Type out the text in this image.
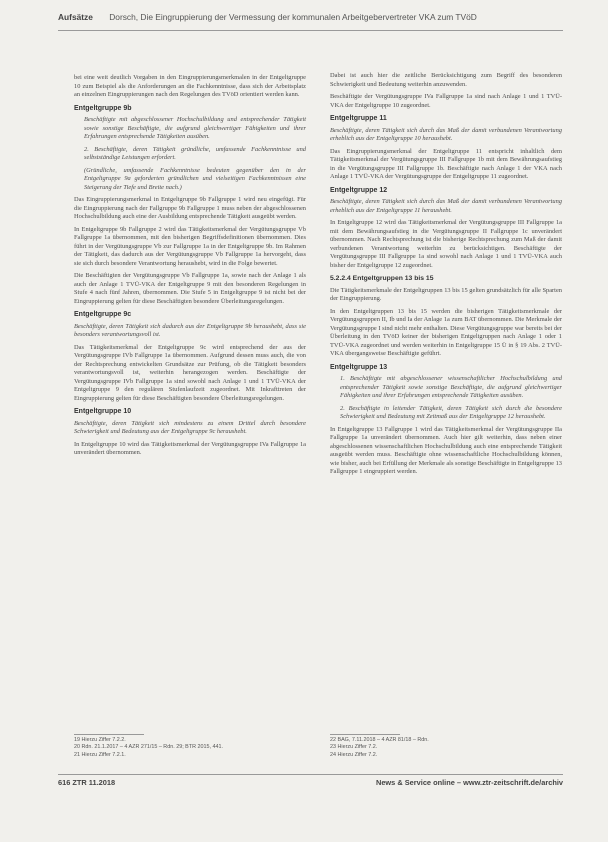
Aufsätze Dorsch, Die Eingruppierung der Vermessung der kommunalen Arbeitgebervertreter VKA zum TVöD

bei eine weit deutlich Vorgaben in den Eingruppierungsmerkmalen in der Entgeltgruppe 10 zum Beispiel als die Anforderungen an die Fachkenntnisse, dass sich der Arbeitsplatz an einzelnen Eingruppierungen nach den Regelungen des TVöD orientiert werden kann.

Entgeltgruppe 9b

Beschäftigte mit abgeschlossener Hochschulbildung und entsprechender Tätigkeit sowie sonstige Beschäftigte, die aufgrund gleichwertiger Fähigkeiten und ihrer Erfahrungen entsprechende Tätigkeiten ausüben.

2. Beschäftigte, deren Tätigkeit gründliche, umfassende Fachkenntnisse und selbstständige Leistungen erfordert.

(Gründliche, umfassende Fachkenntnisse bedeuten gegenüber den in der Entgeltgruppe 9a geforderten gründlichen und vielseitigen Fachkenntnissen eine Steigerung der Tiefe und Breite nach.)

Das Eingruppierungsmerkmal in Entgeltgruppe 9b Fallgruppe 1 wird neu eingefügt. Für die Eingruppierung nach der Fallgruppe 9b Fallgruppe 1 muss neben der abgeschlossenen Hochschulbildung auch eine der Ausbildung entsprechende Tätigkeit ausgeübt werden.

In Entgeltgruppe 9b Fallgruppe 2 wird das Tätigkeitsmerkmal der Vergütungsgruppe Vb Fallgruppe 1a übernommen, mit den bisherigen Begriffsdefinitionen übernommen. Dies führt in der Vergütungsgruppe Vb zur Fallgruppe 1a in der Entgeltgruppe 9b. Im Rahmen der Tätigkeit, das dadurch aus der Vergütungsgruppe Vb Fallgruppe 1a hervorgeht, dass sie sich durch besondere Verantwortung heraushebt, wird in die Folge bewertet.

Die Beschäftigten der Vergütungsgruppe Vb Fallgruppe 1a, sowie nach der Anlage 1 als auch der Anlage 1 TVÜ-VKA der Entgeltgruppe 9 mit den besonderen Regelungen in Stufe 4 nach fünf Jahren, übernommen. Die Stufe 5 in Entgeltgruppe 9 ist nicht bei der Eingruppierung gelten für diese Beschäftigten besondere Überleitungsregelungen.

Entgeltgruppe 9c

Beschäftigte, deren Tätigkeit sich dadurch aus der Entgeltgruppe 9b heraushebt, dass sie besonders verantwortungsvoll ist.

Das Tätigkeitsmerkmal der Entgeltgruppe 9c wird entsprechend der aus der Vergütungsgruppe IVb Fallgruppe 1a übernommen. Aufgrund dessen muss auch, die von der Rechtsprechung entwickelten Grundsätze zur Prüfung, ob die Tätigkeit besonders verantwortungsvoll ist, weiterhin herangezogen werden. Beschäftigte der Vergütungsgruppe IVb Fallgruppe 1a sind sowohl nach Anlage 1 und 1 TVÜ-VKA der Entgeltgruppe 9 den regulären Stufenlaufzeit zugeordnet. Mit Inkrafttreten der Eingruppierung gelten für diese Beschäftigten besondere Überleitungsregelungen.

Entgeltgruppe 10

Beschäftigte, deren Tätigkeit sich mindestens zu einem Drittel durch besondere Schwierigkeit und Bedeutung aus der Entgeltgruppe 9c heraushebt.

In Entgeltgruppe 10 wird das Tätigkeitsmerkmal der Vergütungsgruppe IVa Fallgruppe 1a unverändert übernommen.

Dabei ist auch hier die zeitliche Berücksichtigung zum Begriff des besonderen Schwierigkeit und Bedeutung weiterhin anzuwenden.

Beschäftigte der Vergütungsgruppe IVa Fallgruppe 1a sind nach Anlage 1 und 1 TVÜ-VKA der Entgeltgruppe 10 zugeordnet.

Entgeltgruppe 11

Beschäftigte, deren Tätigkeit sich durch das Maß der damit verbundenen Verantwortung erheblich aus der Entgeltgruppe 10 heraushebt.

Das Eingruppierungsmerkmal der Entgeltgruppe 11 entspricht inhaltlich dem Tätigkeitsmerkmal der Vergütungsgruppe III Fallgruppe 1b mit dem Bewährungsaufstieg in die Vergütungsgruppe III Fallgruppe 1b. Beschäftigte nach Anlage 1 der VKA nach Anlage 1 TVÜ-VKA der Vergütungsgruppe der Entgeltgruppe 11 zugeordnet.

Entgeltgruppe 12

Beschäftigte, deren Tätigkeit sich durch das Maß der damit verbundenen Verantwortung erheblich aus der Entgeltgruppe 11 heraushebt.

In Entgeltgruppe 12 wird das Tätigkeitsmerkmal der Vergütungsgruppe III Fallgruppe 1a mit dem Bewährungsaufstieg in die Vergütungsgruppe II Fallgruppe 1c unverändert übernommen. Nach Rechtsprechung ist die bisherige Rechtsprechung zum Maß der damit verbundenen Verantwortung weiterhin zu berücksichtigen. Beschäftigte der Vergütungsgruppe III Fallgruppe 1a sind sowohl nach Anlage 1 und 1 TVÜ-VKA auch bisher der Entgeltgruppe 12 zugeordnet.

5.2.2.4 Entgeltgruppen 13 bis 15

Die Tätigkeitsmerkmale der Entgeltgruppen 13 bis 15 gelten grundsätzlich für alle Sparten der Eingruppierung.

In den Entgeltgruppen 13 bis 15 werden die bisherigen Tätigkeitsmerkmale der Vergütungsgruppen II, Ib und Ia der Anlage 1a zum BAT übernommen. Die Merkmale der Vergütungsgruppe I sind nicht mehr enthalten. Diese Vergütungsgruppe war bereits bei der Überleitung in den TVöD keiner der bisherigen Entgeltgruppen nach Anlage 1 oder 1 TVÜ-VKA zugeordnet und werden weiterhin in Entgeltgruppe 15 Ü in § 19 Abs. 2 TVÜ-VKA übergangsweise Beschäftigte geführt.

Entgeltgruppe 13

1. Beschäftigte mit abgeschlossener wissenschaftlicher Hochschulbildung und entsprechender Tätigkeit sowie sonstige Beschäftigte, die aufgrund gleichwertiger Fähigkeiten und ihrer Erfahrungen entsprechende Tätigkeiten ausüben.

2. Beschäftigte in leitender Tätigkeit, deren Tätigkeit sich durch die besondere Schwierigkeit und Bedeutung mit Zeitmaß aus der Entgeltgruppe 12 heraushebt.

In Entgeltgruppe 13 Fallgruppe 1 wird das Tätigkeitsmerkmal der Vergütungsgruppe IIa Fallgruppe 1a unverändert übernommen. Auch hier gilt weiterhin, dass neben einer abgeschlossenen wissenschaftlichen Hochschulbildung auch eine entsprechende Tätigkeit ausgeübt werden muss. Beschäftigte ohne wissenschaftliche Hochschulbildung können, wie bisher, auch bei Erfüllung der Merkmale als sonstige Beschäftigte in Entgeltgruppe 13 Fallgruppe 1 eingruppiert werden.

19 Hierzu Ziffer 7.2.2.
20 Rdn. 21.1.2017 – 4 AZR 271/15 – Rdn. 29; BTR 2015, 441.
21 Hierzu Ziffer 7.2.1.
22 BAG, 7.11.2018 – 4 AZR 81/18 – Rdn.
23 Hierzu Ziffer 7.2.
24 Hierzu Ziffer 7.2.
616 ZTR 11.2018	News & Service online – www.ztr-zeitschrift.de/archiv
